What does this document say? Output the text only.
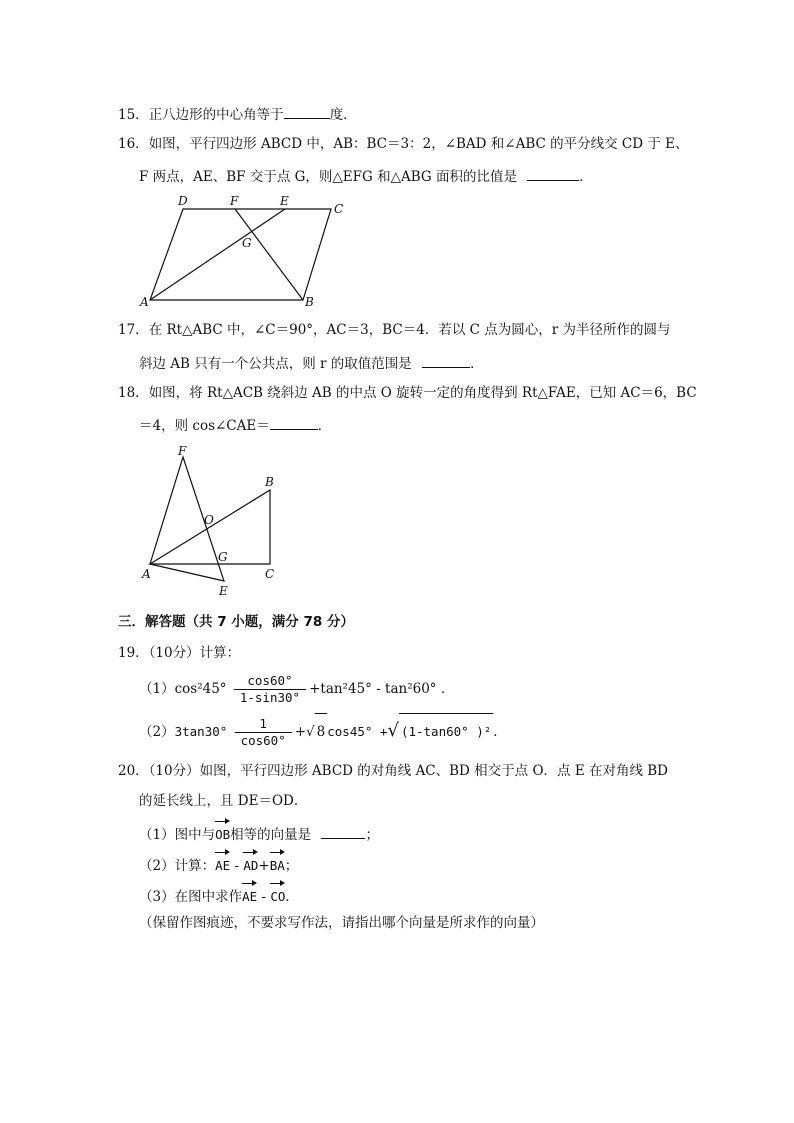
15．正八边形的中心角等于	度．
16．如图，平行四边形 ABCD 中，AB：BC＝3：2，∠BAD 和∠ABC 的平分线交 CD 于 E、
F 两点，AE、BF 交于点 G，则△EFG 和△ABG 面积的比值是	．
D	F	E
C
G
A	B
17．在 Rt△ABC 中，∠C＝90°，AC＝3，BC＝4．若以 C 点为圆心，r 为半径所作的圆与
斜边 AB 只有一个公共点，则 r 的取值范围是	．
18．如图，将 Rt△ACB 绕斜边 AB 的中点 O 旋转一定的角度得到 Rt△FAE，已知 AC＝6，BC
＝4，则 cos∠CAE＝	．
F
B
O
G
A	C
E
三．解答题（共 7 小题，满分 78 分）
19．（10分）计算：
$(1)\cos^245^\circ \frac{\cos 60^\circ}{1-\sin 30^\circ} +\tan^245^\circ - \tan^260^\circ$ ．
$(2)3\tan 30^\circ \frac{1}{\cos 60^\circ}$ +√ 8 cos45° +√ (1-tan60° )² ．
20．（10分）如图，平行四边形 ABCD 的对角线 AC、BD 相交于点 O．点 E 在对角线 BD
的延长线上，且 DE＝OD．
（1）图中与OB相等的向量是	；
（2）计算：AE - AD+BA；
（3）在图中求作AE - CO．
（保留作图痕迹，不要求写作法，请指出哪个向量是所求作的向量）
